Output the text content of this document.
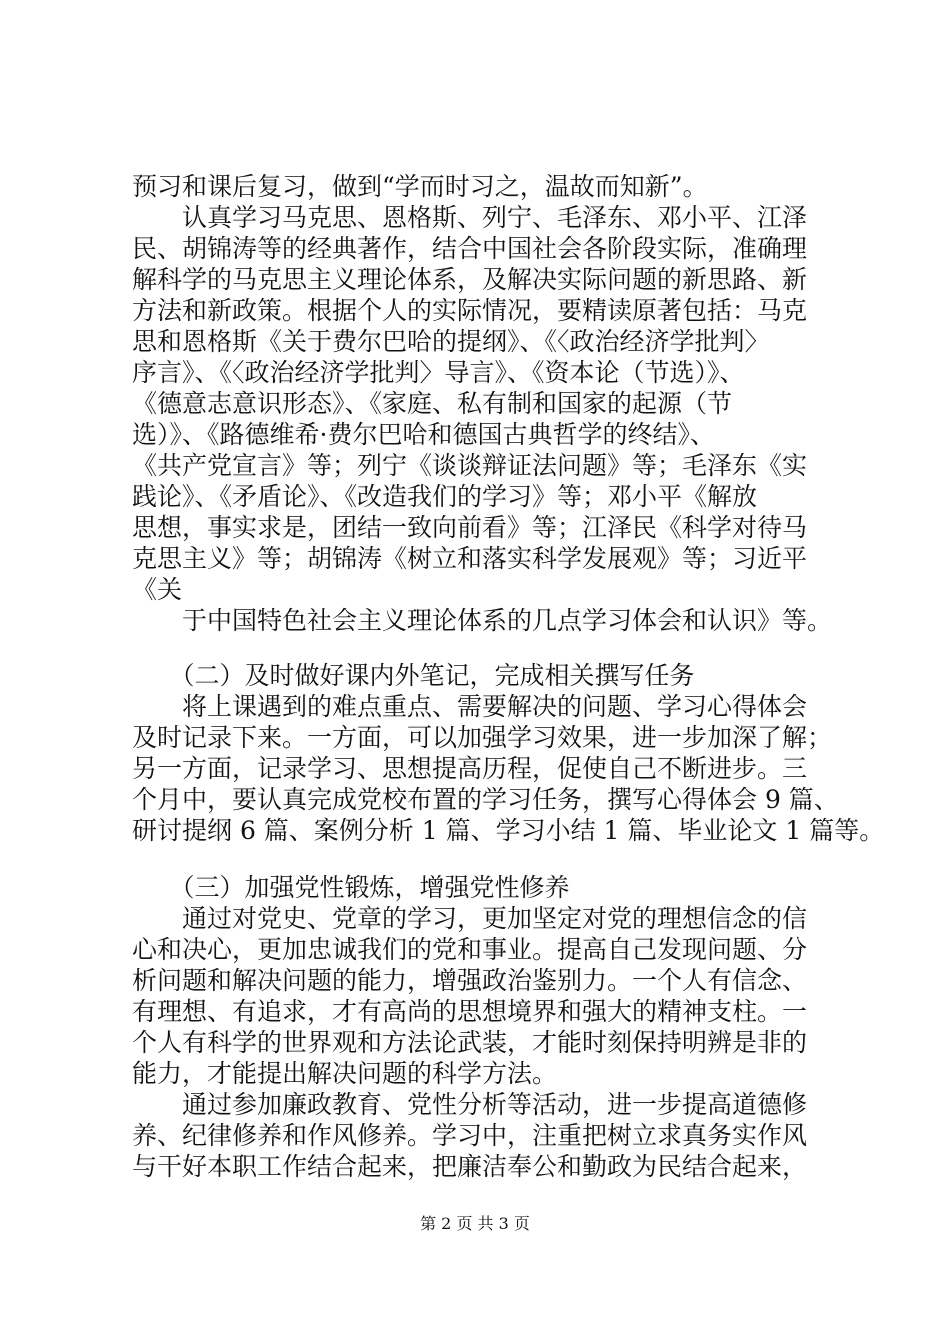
预习和课后复习，做到“学而时习之，温故而知新”。
　　认真学习马克思、恩格斯、列宁、毛泽东、邓小平、江泽
民、胡锦涛等的经典著作，结合中国社会各阶段实际，准确理
解科学的马克思主义理论体系，及解决实际问题的新思路、新
方法和新政策。根据个人的实际情况，要精读原著包括：马克
思和恩格斯《关于费尔巴哈的提纲》、《〈政治经济学批判〉
序言》、《〈政治经济学批判〉导言》、《资本论（节选）》、
《德意志意识形态》、《家庭、私有制和国家的起源（节
选）》、《路德维希·费尔巴哈和德国古典哲学的终结》、
《共产党宣言》等；列宁《谈谈辩证法问题》等；毛泽东《实
践论》、《矛盾论》、《改造我们的学习》等；邓小平《解放
思想，事实求是，团结一致向前看》等；江泽民《科学对待马
克思主义》等；胡锦涛《树立和落实科学发展观》等；习近平
《关
　　于中国特色社会主义理论体系的几点学习体会和认识》等。
　　（二）及时做好课内外笔记，完成相关撰写任务
　　将上课遇到的难点重点、需要解决的问题、学习心得体会
及时记录下来。一方面，可以加强学习效果，进一步加深了解；
另一方面，记录学习、思想提高历程，促使自己不断进步。三
个月中，要认真完成党校布置的学习任务，撰写心得体会 9 篇、
研讨提纲 6 篇、案例分析 1 篇、学习小结 1 篇、毕业论文 1 篇等。
　　（三）加强党性锻炼，增强党性修养
　　通过对党史、党章的学习，更加坚定对党的理想信念的信
心和决心，更加忠诚我们的党和事业。提高自己发现问题、分
析问题和解决问题的能力，增强政治鉴别力。一个人有信念、
有理想、有追求，才有高尚的思想境界和强大的精神支柱。一
个人有科学的世界观和方法论武装，才能时刻保持明辨是非的
能力，才能提出解决问题的科学方法。
　　通过参加廉政教育、党性分析等活动，进一步提高道德修
养、纪律修养和作风修养。学习中，注重把树立求真务实作风
与干好本职工作结合起来，把廉洁奉公和勤政为民结合起来，
第 2 页 共 3 页
